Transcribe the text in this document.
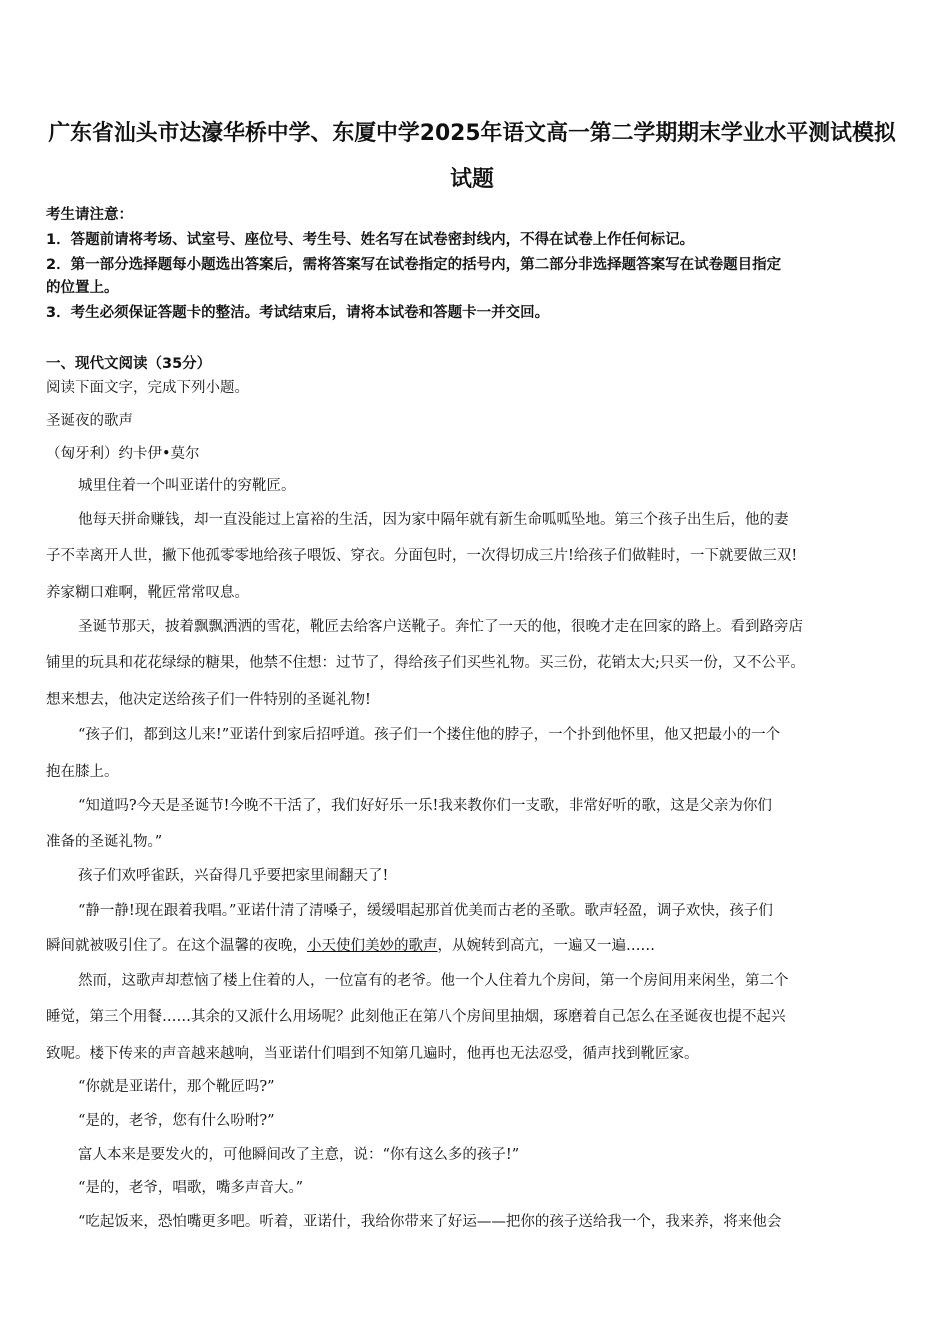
广东省汕头市达濠华桥中学、东厦中学2025年语文高一第二学期期末学业水平测试模拟
试题
考生请注意：
1．答题前请将考场、试室号、座位号、考生号、姓名写在试卷密封线内，不得在试卷上作任何标记。
2．第一部分选择题每小题选出答案后，需将答案写在试卷指定的括号内，第二部分非选择题答案写在试卷题目指定
的位置上。
3．考生必须保证答题卡的整洁。考试结束后，请将本试卷和答题卡一并交回。
一、现代文阅读（35分）
阅读下面文字，完成下列小题。
圣诞夜的歌声
（匈牙利）约卡伊•莫尔
城里住着一个叫亚诺什的穷靴匠。
他每天拼命赚钱，却一直没能过上富裕的生活，因为家中隔年就有新生命呱呱坠地。第三个孩子出生后，他的妻
子不幸离开人世，撇下他孤零零地给孩子喂饭、穿衣。分面包时，一次得切成三片!给孩子们做鞋时，一下就要做三双!
养家糊口难啊，靴匠常常叹息。
圣诞节那天，披着飘飘洒洒的雪花，靴匠去给客户送靴子。奔忙了一天的他，很晚才走在回家的路上。看到路旁店
铺里的玩具和花花绿绿的糖果，他禁不住想：过节了，得给孩子们买些礼物。买三份，花销太大;只买一份，又不公平。
想来想去，他决定送给孩子们一件特别的圣诞礼物!
“孩子们，都到这儿来!”亚诺什到家后招呼道。孩子们一个搂住他的脖子，一个扑到他怀里，他又把最小的一个
抱在膝上。
“知道吗?今天是圣诞节!今晚不干活了，我们好好乐一乐!我来教你们一支歌，非常好听的歌，这是父亲为你们
准备的圣诞礼物。”
孩子们欢呼雀跃，兴奋得几乎要把家里闹翻天了!
“静一静!现在跟着我唱。”亚诺什清了清嗓子，缓缓唱起那首优美而古老的圣歌。歌声轻盈，调子欢快，孩子们
瞬间就被吸引住了。在这个温馨的夜晚，小天使们美妙的歌声，从婉转到高亢，一遍又一遍……
然而，这歌声却惹恼了楼上住着的人，一位富有的老爷。他一个人住着九个房间，第一个房间用来闲坐，第二个
睡觉，第三个用餐……其余的又派什么用场呢？此刻他正在第八个房间里抽烟，琢磨着自己怎么在圣诞夜也提不起兴
致呢。楼下传来的声音越来越响，当亚诺什们唱到不知第几遍时，他再也无法忍受，循声找到靴匠家。
“你就是亚诺什，那个靴匠吗?”
“是的，老爷，您有什么吩咐?”
富人本来是要发火的，可他瞬间改了主意，说：“你有这么多的孩子!”
“是的，老爷，唱歌，嘴多声音大。”
“吃起饭来，恐怕嘴更多吧。听着，亚诺什，我给你带来了好运——把你的孩子送给我一个，我来养，将来他会
